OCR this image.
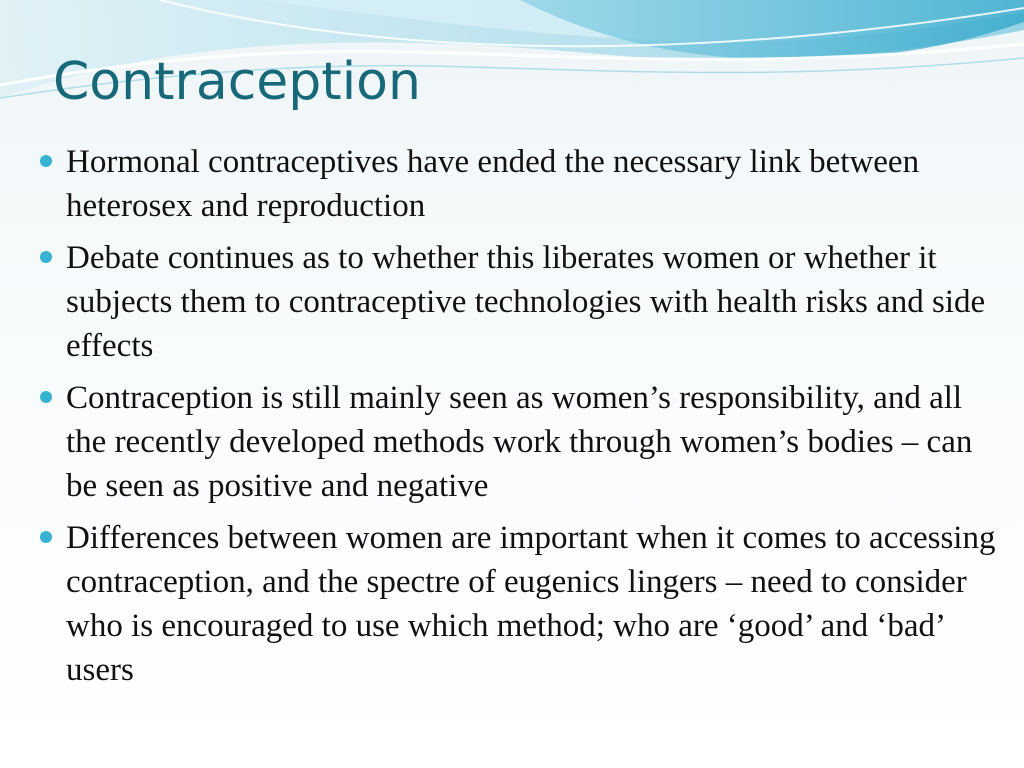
Contraception
Hormonal contraceptives have ended the necessary link between heterosex and reproduction
Debate continues as to whether this liberates women or whether it subjects them to contraceptive technologies with health risks and side effects
Contraception is still mainly seen as women’s responsibility, and all the recently developed methods work through women’s bodies – can be seen as positive and negative
Differences between women are important when it comes to accessing contraception, and the spectre of eugenics lingers – need to consider who is encouraged to use which method; who are ‘good’ and ‘bad’ users
